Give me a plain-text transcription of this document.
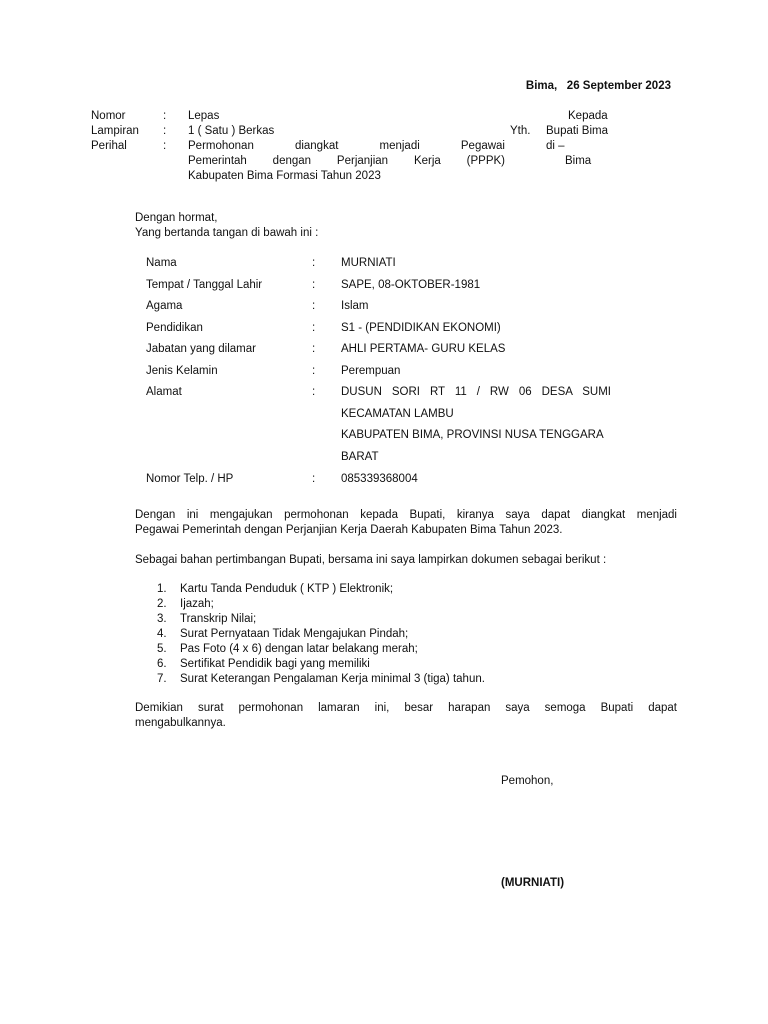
Bima,   26 September 2023
Nomor	: Lepas
Lampiran : 1 ( Satu ) Berkas
Perihal	: Permohonan diangkat menjadi Pegawai
Pemerintah dengan Perjanjian Kerja (PPPK)
Kabupaten Bima Formasi Tahun 2023
Kepada
Yth. Bupati Bima
di –
Bima
Dengan hormat,
Yang bertanda tangan di bawah ini :
Nama	: MURNIATI
Tempat / Tanggal Lahir	: SAPE, 08-OKTOBER-1981
Agama	: Islam
Pendidikan	: S1 - (PENDIDIKAN EKONOMI)
Jabatan yang dilamar	: AHLI PERTAMA- GURU KELAS
Jenis Kelamin	: Perempuan
Alamat	: DUSUN SORI RT 11 / RW 06 DESA SUMI
KECAMATAN LAMBU
KABUPATEN BIMA, PROVINSI NUSA TENGGARA
BARAT
Nomor Telp. / HP	: 085339368004
Dengan ini mengajukan permohonan kepada Bupati, kiranya saya dapat diangkat menjadi
Pegawai Pemerintah dengan Perjanjian Kerja Daerah Kabupaten Bima Tahun 2023.
Sebagai bahan pertimbangan Bupati, bersama ini saya lampirkan dokumen sebagai berikut :
1. Kartu Tanda Penduduk ( KTP ) Elektronik;
2. Ijazah;
3. Transkrip Nilai;
4. Surat Pernyataan Tidak Mengajukan Pindah;
5. Pas Foto (4 x 6) dengan latar belakang merah;
6. Sertifikat Pendidik bagi yang memiliki
7. Surat Keterangan Pengalaman Kerja minimal 3 (tiga) tahun.
Demikian surat permohonan lamaran ini, besar harapan saya semoga Bupati dapat
mengabulkannya.
Pemohon,
(MURNIATI)
